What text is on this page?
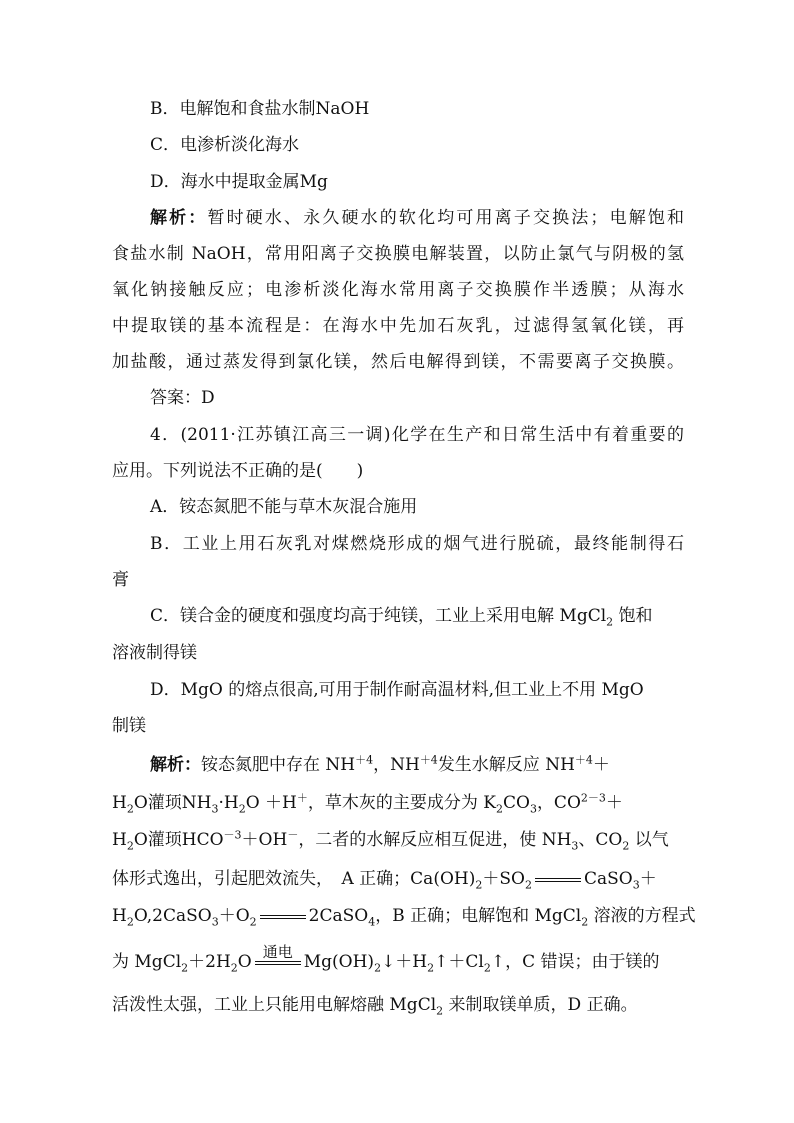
B．电解饱和食盐水制NaOH
C．电渗析淡化海水
D．海水中提取金属Mg
解析：暂时硬水、永久硬水的软化均可用离子交换法；电解饱和
食盐水制 NaOH，常用阳离子交换膜电解装置，以防止氯气与阴极的氢
氧化钠接触反应；电渗析淡化海水常用离子交换膜作半透膜；从海水
中提取镁的基本流程是：在海水中先加石灰乳，过滤得氢氧化镁，再
加盐酸，通过蒸发得到氯化镁，然后电解得到镁，不需要离子交换膜。
答案：D
4．(2011·江苏镇江高三一调)化学在生产和日常生活中有着重要的
应用。下列说法不正确的是(　　)
A．铵态氮肥不能与草木灰混合施用
B．工业上用石灰乳对煤燃烧形成的烟气进行脱硫，最终能制得石
膏
C．镁合金的硬度和强度均高于纯镁，工业上采用电解 MgCl$_2$ 饱和
溶液制得镁
D．MgO 的熔点很高,可用于制作耐高温材料,但工业上不用 MgO
制镁
解析：铵态氮肥中存在 $NH^{+4}$，$NH^{+4}$发生水解反应 $NH^{+4}+$
$H_2O$灌顼$NH_3\cdot H_2O +H^+$，草木灰的主要成分为 $K_2CO_3$，$CO^{2-3}+$
$H_2O$灌顼$HCO^{-3}+OH^-$，二者的水解反应相互促进，使 $NH_3$、$CO_2$ 以气
体形式逸出，引起肥效流失，　A 正确；$Ca(OH)_2+SO_2$	CaSO$_3$＋
$H_2O,2CaSO_3+O_2$	2CaSO$_4$，B 正确；电解饱和 MgCl$_2$ 溶液的方程式
为 $MgCl_2+2H_2O$
通电
$Mg(OH)_2↓+H_2↑+Cl_2↑$，C 错误；由于镁的
活泼性太强，工业上只能用电解熔融 MgCl$_2$ 来制取镁单质，D 正确。
